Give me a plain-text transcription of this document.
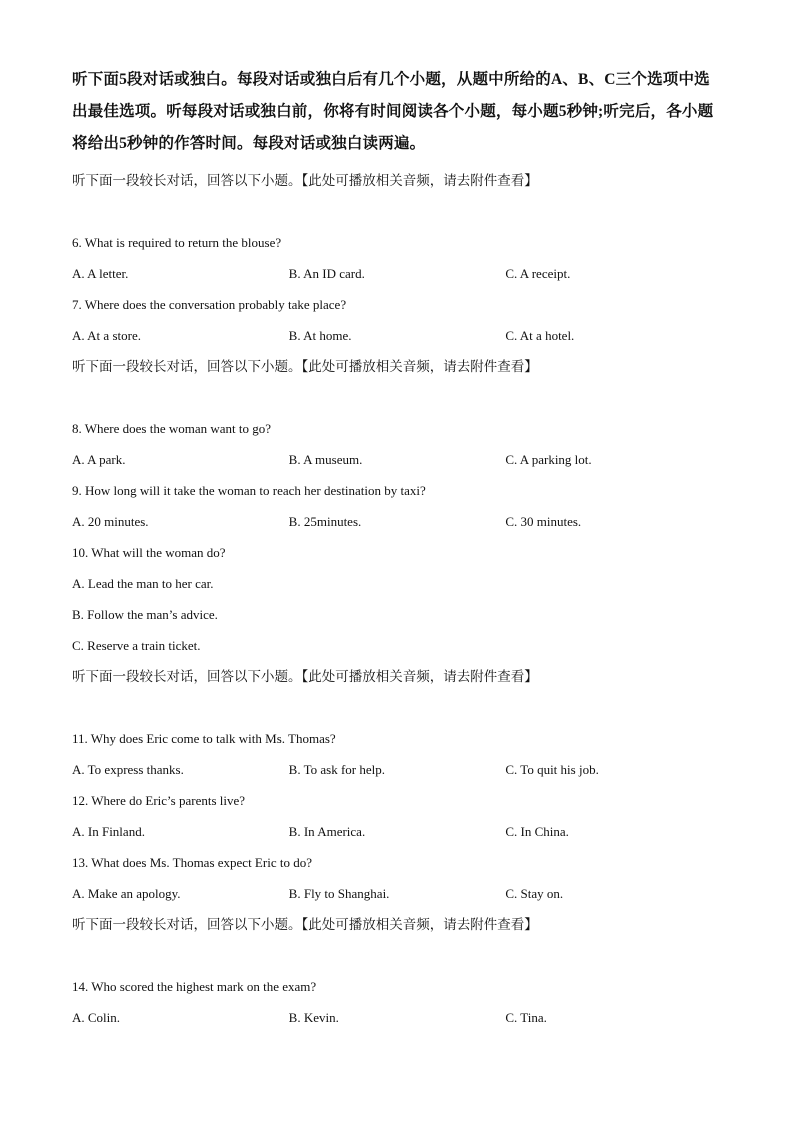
听下面5段对话或独白。每段对话或独白后有几个小题，从题中所给的A、B、C三个选项中选出最佳选项。听每段对话或独白前，你将有时间阅读各个小题，每小题5秒钟;听完后，各小题将给出5秒钟的作答时间。每段对话或独白读两遍。

听下面一段较长对话，回答以下小题。【此处可播放相关音频，请去附件查看】

6. What is required to return the blouse?

A. A letter.	B. An ID card.	C. A receipt.

7. Where does the conversation probably take place?

A. At a store.	B. At home.	C. At a hotel.

听下面一段较长对话，回答以下小题。【此处可播放相关音频，请去附件查看】

8. Where does the woman want to go?

A. A park.	B. A museum.	C. A parking lot.

9. How long will it take the woman to reach her destination by taxi?

A. 20 minutes.	B. 25minutes.	C. 30 minutes.

10. What will the woman do?

A. Lead the man to her car.
B. Follow the man’s advice.
C. Reserve a train ticket.

听下面一段较长对话，回答以下小题。【此处可播放相关音频，请去附件查看】

11. Why does Eric come to talk with Ms. Thomas?

A. To express thanks.	B. To ask for help.	C. To quit his job.

12. Where do Eric’s parents live?

A. In Finland.	B. In America.	C. In China.

13. What does Ms. Thomas expect Eric to do?

A. Make an apology.	B. Fly to Shanghai.	C. Stay on.

听下面一段较长对话，回答以下小题。【此处可播放相关音频，请去附件查看】

14. Who scored the highest mark on the exam?

A. Colin.	B. Kevin.	C. Tina.
